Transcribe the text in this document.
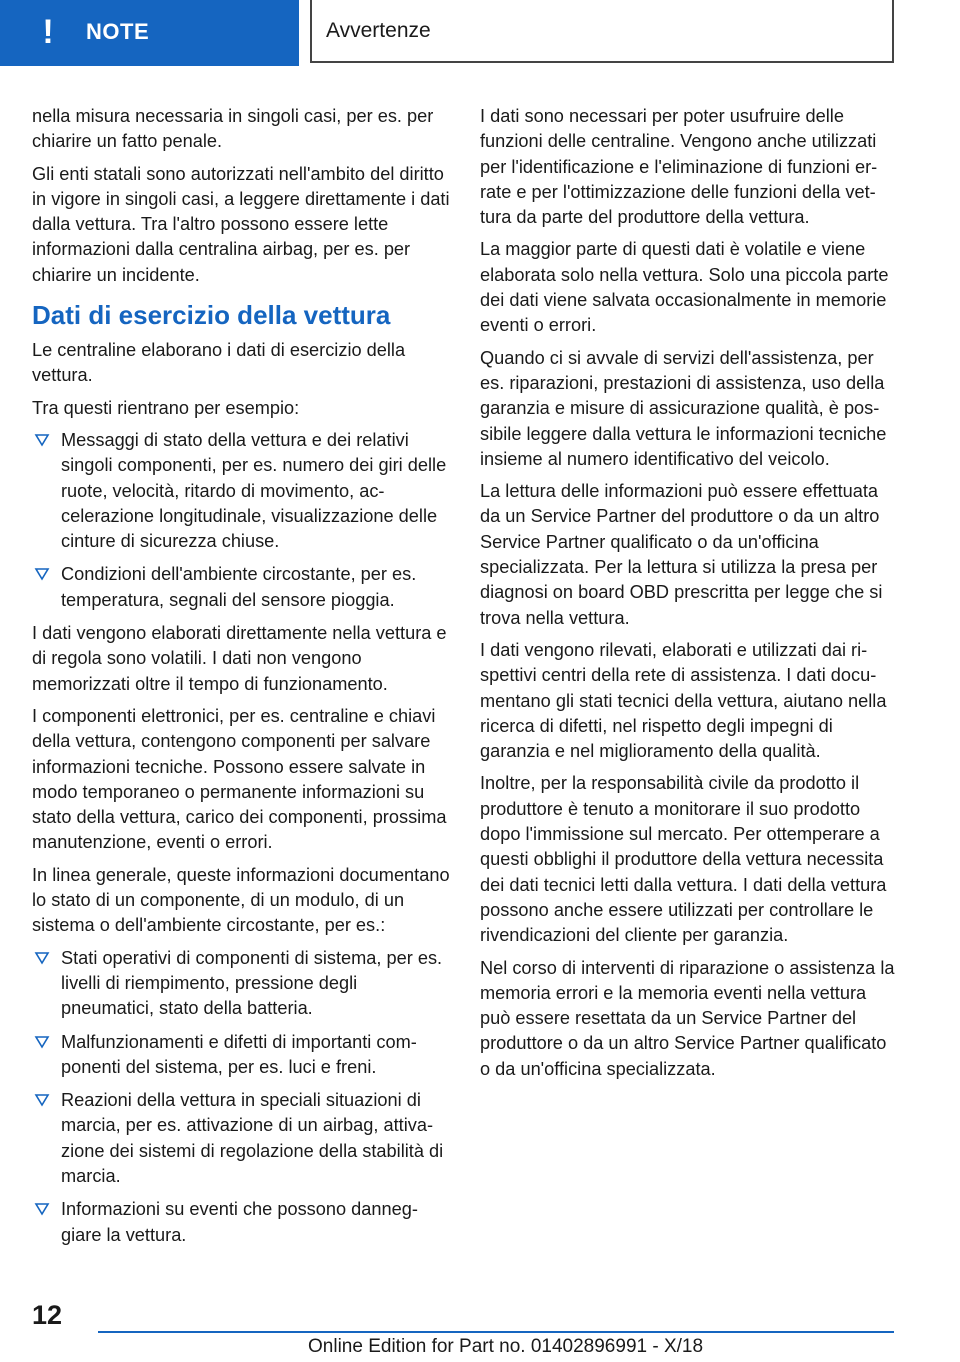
! NOTE	Avvertenze

nella misura necessaria in singoli casi, per es. per chiarire un fatto penale.

Gli enti statali sono autorizzati nell'ambito del diritto in vigore in singoli casi, a leggere direttamente i dati dalla vettura. Tra l'altro possono essere lette informazioni dalla centralina airbag, per es. per chiarire un incidente.

Dati di esercizio della vettura

Le centraline elaborano i dati di esercizio della vettura.

Tra questi rientrano per esempio:

Messaggi di stato della vettura e dei relativi singoli componenti, per es. numero dei giri delle ruote, velocità, ritardo di movimento, accelerazione longitudinale, visualizzazione delle cinture di sicurezza chiuse.
Condizioni dell'ambiente circostante, per es. temperatura, segnali del sensore pioggia.

I dati vengono elaborati direttamente nella vettura e di regola sono volatili. I dati non vengono memorizzati oltre il tempo di funzionamento.

I componenti elettronici, per es. centraline e chiavi della vettura, contengono componenti per salvare informazioni tecniche. Possono essere salvate in modo temporaneo o permanente informazioni su stato della vettura, carico dei componenti, prossima manutenzione, eventi o errori.

In linea generale, queste informazioni documentano lo stato di un componente, di un modulo, di un sistema o dell'ambiente circostante, per es.:

Stati operativi di componenti di sistema, per es. livelli di riempimento, pressione degli pneumatici, stato della batteria.
Malfunzionamenti e difetti di importanti componenti del sistema, per es. luci e freni.
Reazioni della vettura in speciali situazioni di marcia, per es. attivazione di un airbag, attivazione dei sistemi di regolazione della stabilità di marcia.
Informazioni su eventi che possono danneggiare la vettura.

I dati sono necessari per poter usufruire delle funzioni delle centraline. Vengono anche utilizzati per l'identificazione e l'eliminazione di funzioni errate e per l'ottimizzazione delle funzioni della vettura da parte del produttore della vettura.

La maggior parte di questi dati è volatile e viene elaborata solo nella vettura. Solo una piccola parte dei dati viene salvata occasionalmente in memorie eventi o errori.

Quando ci si avvale di servizi dell'assistenza, per es. riparazioni, prestazioni di assistenza, uso della garanzia e misure di assicurazione qualità, è possibile leggere dalla vettura le informazioni tecniche insieme al numero identificativo del veicolo.

La lettura delle informazioni può essere effettuata da un Service Partner del produttore o da un altro Service Partner qualificato o da un'officina specializzata. Per la lettura si utilizza la presa per diagnosi on board OBD prescritta per legge che si trova nella vettura.

I dati vengono rilevati, elaborati e utilizzati dai rispettivi centri della rete di assistenza. I dati documentano gli stati tecnici della vettura, aiutano nella ricerca di difetti, nel rispetto degli impegni di garanzia e nel miglioramento della qualità.

Inoltre, per la responsabilità civile da prodotto il produttore è tenuto a monitorare il suo prodotto dopo l'immissione sul mercato. Per ottemperare a questi obblighi il produttore della vettura necessita dei dati tecnici letti dalla vettura. I dati della vettura possono anche essere utilizzati per controllare le rivendicazioni del cliente per garanzia.

Nel corso di interventi di riparazione o assistenza la memoria errori e la memoria eventi nella vettura può essere resettata da un Service Partner del produttore o da un altro Service Partner qualificato o da un'officina specializzata.

12
Online Edition for Part no. 01402896991 - X/18
